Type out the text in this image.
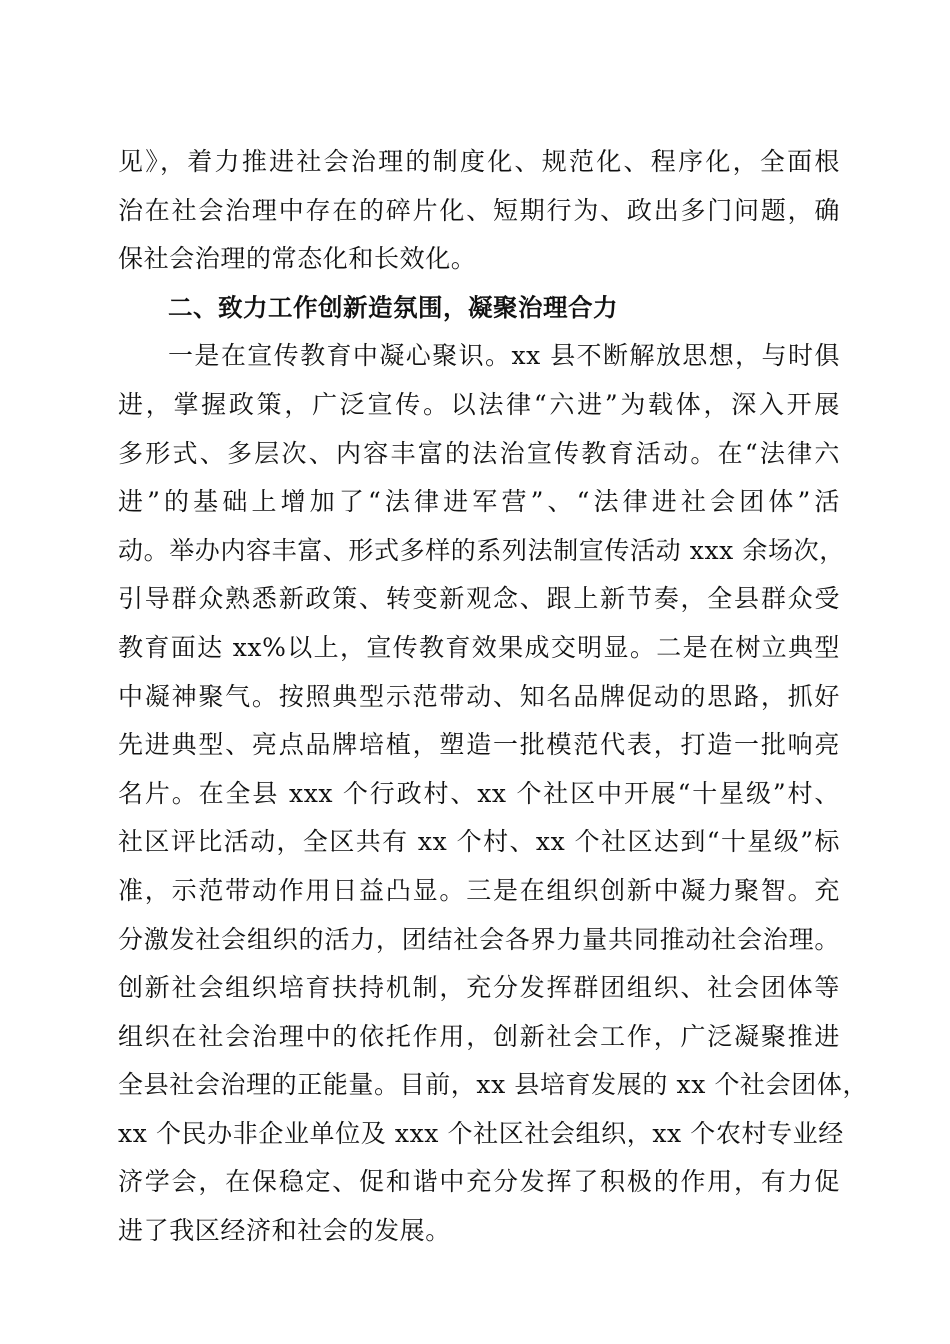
见》，着力推进社会治理的制度化、规范化、程序化，全面根
治在社会治理中存在的碎片化、短期行为、政出多门问题，确
保社会治理的常态化和长效化。
二、致力工作创新造氛围，凝聚治理合力
一是在宣传教育中凝心聚识。xx 县不断解放思想，与时俱
进，掌握政策，广泛宣传。以法律“六进”为载体，深入开展
多形式、多层次、内容丰富的法治宣传教育活动。在“法律六
进”的基础上增加了“法律进军营”、“法律进社会团体”活
动。举办内容丰富、形式多样的系列法制宣传活动 xxx 余场次，
引导群众熟悉新政策、转变新观念、跟上新节奏，全县群众受
教育面达 xx%以上，宣传教育效果成交明显。二是在树立典型
中凝神聚气。按照典型示范带动、知名品牌促动的思路，抓好
先进典型、亮点品牌培植，塑造一批模范代表，打造一批响亮
名片。在全县 xxx 个行政村、xx 个社区中开展“十星级”村、
社区评比活动，全区共有 xx 个村、xx 个社区达到“十星级”标
准，示范带动作用日益凸显。三是在组织创新中凝力聚智。充
分激发社会组织的活力，团结社会各界力量共同推动社会治理。
创新社会组织培育扶持机制，充分发挥群团组织、社会团体等
组织在社会治理中的依托作用，创新社会工作，广泛凝聚推进
全县社会治理的正能量。目前，xx 县培育发展的 xx 个社会团体，
xx 个民办非企业单位及 xxx 个社区社会组织，xx 个农村专业经
济学会，在保稳定、促和谐中充分发挥了积极的作用，有力促
进了我区经济和社会的发展。
